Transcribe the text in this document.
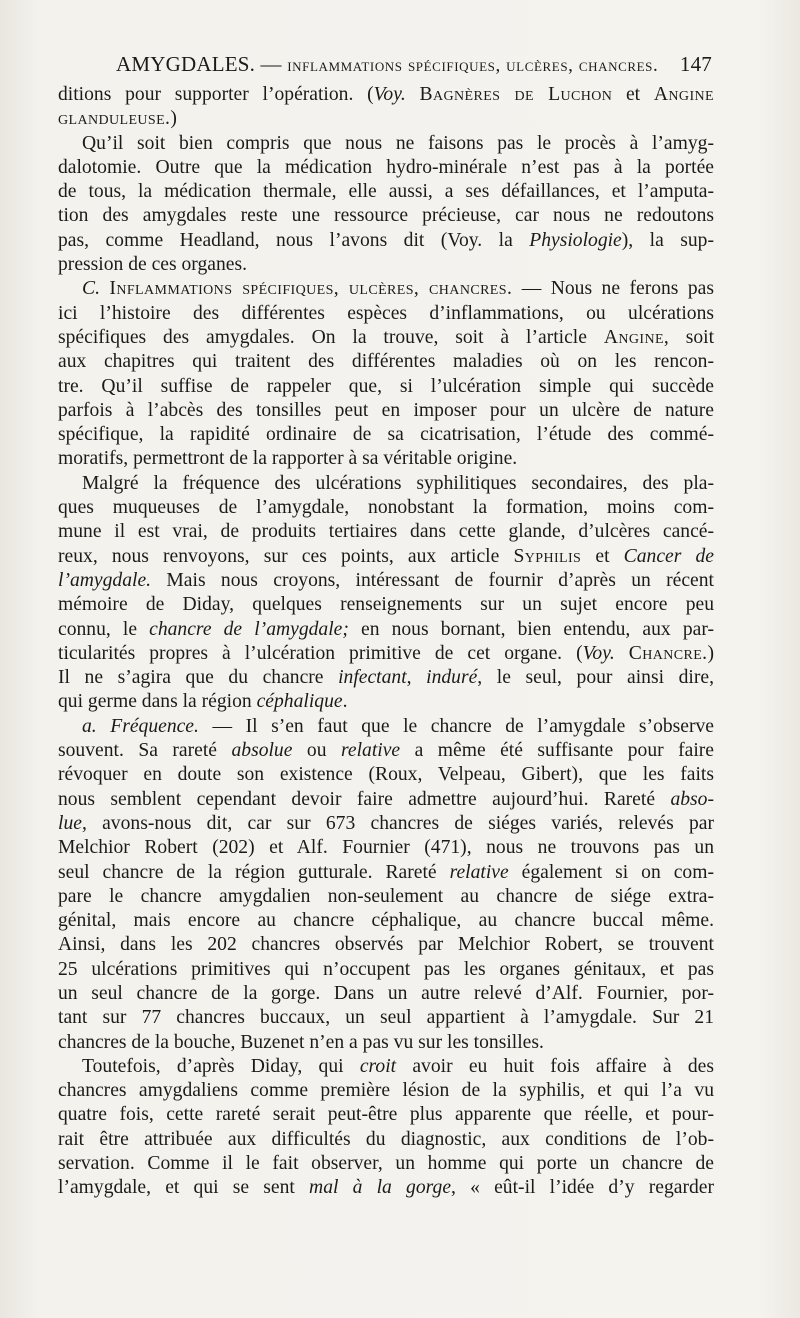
AMYGDALES. — inflammations spécifiques, ulcères, chancres. 147
ditions pour supporter l’opération. (Voy. Bagnères de Luchon et Angine
glanduleuse.)
Qu’il soit bien compris que nous ne faisons pas le procès à l’amyg-
dalotomie. Outre que la médication hydro-minérale n’est pas à la portée
de tous, la médication thermale, elle aussi, a ses défaillances, et l’amputa-
tion des amygdales reste une ressource précieuse, car nous ne redoutons
pas, comme Headland, nous l’avons dit (Voy. la Physiologie), la sup-
pression de ces organes.
C. Inflammations spécifiques, ulcères, chancres. — Nous ne ferons pas
ici l’histoire des différentes espèces d’inflammations, ou ulcérations
spécifiques des amygdales. On la trouve, soit à l’article Angine, soit
aux chapitres qui traitent des différentes maladies où on les rencon-
tre. Qu’il suffise de rappeler que, si l’ulcération simple qui succède
parfois à l’abcès des tonsilles peut en imposer pour un ulcère de nature
spécifique, la rapidité ordinaire de sa cicatrisation, l’étude des commé-
moratifs, permettront de la rapporter à sa véritable origine.
Malgré la fréquence des ulcérations syphilitiques secondaires, des pla-
ques muqueuses de l’amygdale, nonobstant la formation, moins com-
mune il est vrai, de produits tertiaires dans cette glande, d’ulcères cancé-
reux, nous renvoyons, sur ces points, aux article Syphilis et Cancer de
l’amygdale. Mais nous croyons, intéressant de fournir d’après un récent
mémoire de Diday, quelques renseignements sur un sujet encore peu
connu, le chancre de l’amygdale; en nous bornant, bien entendu, aux par-
ticularités propres à l’ulcération primitive de cet organe. (Voy. Chancre.)
Il ne s’agira que du chancre infectant, induré, le seul, pour ainsi dire,
qui germe dans la région céphalique.
a. Fréquence. — Il s’en faut que le chancre de l’amygdale s’observe
souvent. Sa rareté absolue ou relative a même été suffisante pour faire
révoquer en doute son existence (Roux, Velpeau, Gibert), que les faits
nous semblent cependant devoir faire admettre aujourd’hui. Rareté abso-
lue, avons-nous dit, car sur 673 chancres de siéges variés, relevés par
Melchior Robert (202) et Alf. Fournier (471), nous ne trouvons pas un
seul chancre de la région gutturale. Rareté relative également si on com-
pare le chancre amygdalien non-seulement au chancre de siége extra-
génital, mais encore au chancre céphalique, au chancre buccal même.
Ainsi, dans les 202 chancres observés par Melchior Robert, se trouvent
25 ulcérations primitives qui n’occupent pas les organes génitaux, et pas
un seul chancre de la gorge. Dans un autre relevé d’Alf. Fournier, por-
tant sur 77 chancres buccaux, un seul appartient à l’amygdale. Sur 21
chancres de la bouche, Buzenet n’en a pas vu sur les tonsilles.
Toutefois, d’après Diday, qui croit avoir eu huit fois affaire à des
chancres amygdaliens comme première lésion de la syphilis, et qui l’a vu
quatre fois, cette rareté serait peut-être plus apparente que réelle, et pour-
rait être attribuée aux difficultés du diagnostic, aux conditions de l’ob-
servation. Comme il le fait observer, un homme qui porte un chancre de
l’amygdale, et qui se sent mal à la gorge, « eût-il l’idée d’y regarder
